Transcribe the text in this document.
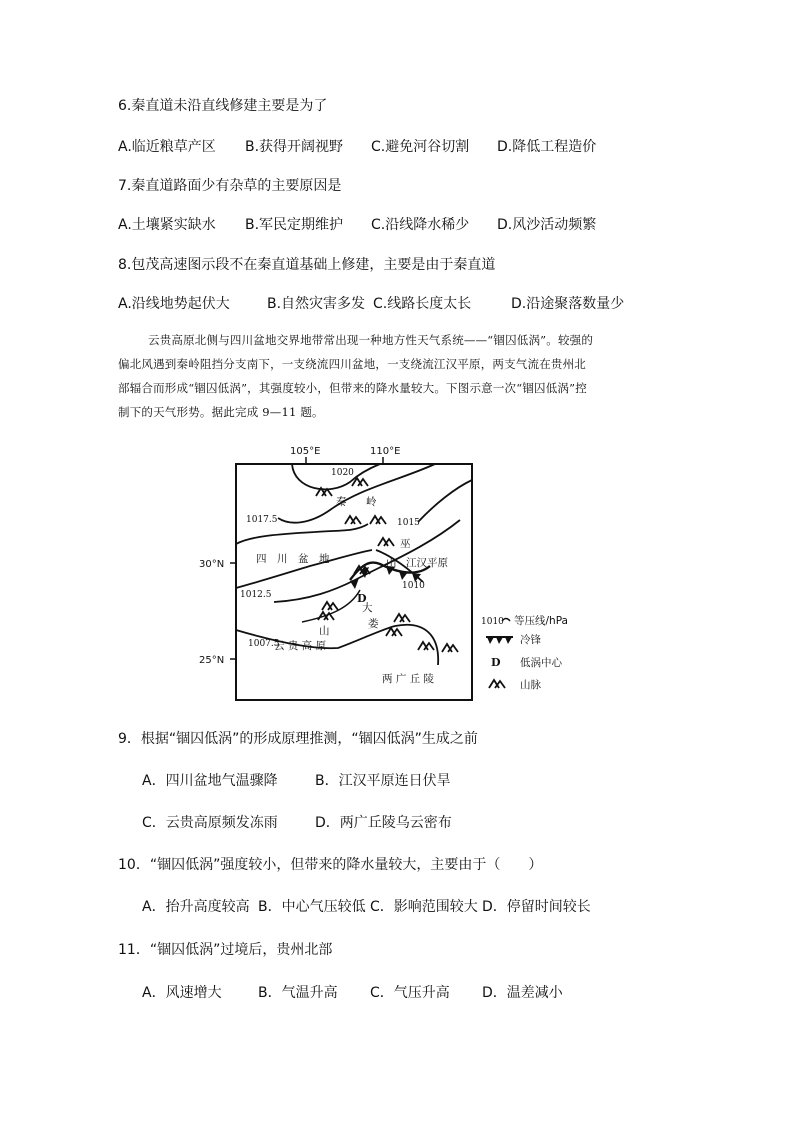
6.秦直道未沿直线修建主要是为了
A.临近粮草产区 B.获得开阔视野 C.避免河谷切割 D.降低工程造价
7.秦直道路面少有杂草的主要原因是
A.土壤紧实缺水 B.军民定期维护 C.沿线降水稀少 D.风沙活动频繁
8.包茂高速图示段不在秦直道基础上修建，主要是由于秦直道
A.沿线地势起伏大	B.自然灾害多发 C.线路长度太长	D.沿途聚落数量少
云贵高原北侧与四川盆地交界地带常出现一种地方性天气系统——“锢囚低涡”。较强的
偏北风遇到秦岭阻挡分支南下，一支绕流四川盆地，一支绕流江汉平原，两支气流在贵州北
部辐合而形成“锢囚低涡”，其强度较小，但带来的降水量较大。下图示意一次“锢囚低涡”控
制下的天气形势。据此完成 9—11 题。
105°E	110°E
30°N
25°N
1020
1017.5	1015
1012.5
1010
1007.5
秦 岭
巫
山
四　川　盆　地	江汉平原
D
大
娄
山
云 贵 高 原
两 广 丘 陵
1010 等压线/hPa
冷锋
D 低涡中心
山脉
9．根据“锢囚低涡”的形成原理推测，“锢囚低涡”生成之前
A．四川盆地气温骤降	B．江汉平原连日伏旱
C．云贵高原频发冻雨	D．两广丘陵乌云密布
10．“锢囚低涡”强度较小，但带来的降水量较大，主要由于（　　）
A．抬升高度较高 B．中心气压较低 C．影响范围较大 D．停留时间较长
11．“锢囚低涡”过境后，贵州北部
A．风速增大	B．气温升高 C．气压升高 D．温差减小
